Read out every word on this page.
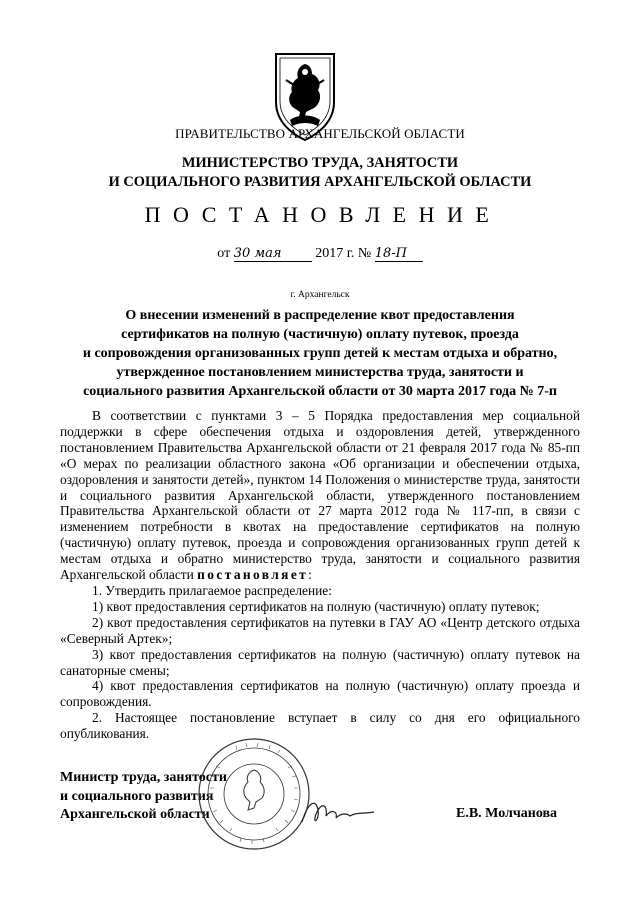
ПРАВИТЕЛЬСТВО АРХАНГЕЛЬСКОЙ ОБЛАСТИ
МИНИСТЕРСТВО ТРУДА, ЗАНЯТОСТИ
И СОЦИАЛЬНОГО РАЗВИТИЯ АРХАНГЕЛЬСКОЙ ОБЛАСТИ
ПОСТАНОВЛЕНИЕ
от 30 мая 2017 г. № 18-П
г. Архангельск
О внесении изменений в распределение квот предоставления
сертификатов на полную (частичную) оплату путевок, проезда
и сопровождения организованных групп детей к местам отдыха и обратно,
утвержденное постановлением министерства труда, занятости и
социального развития Архангельской области от 30 марта 2017 года № 7-п

В соответствии с пунктами 3 – 5 Порядка предоставления мер социальной поддержки в сфере обеспечения отдыха и оздоровления детей, утвержденного постановлением Правительства Архангельской области от 21 февраля 2017 года № 85-пп «О мерах по реализации областного закона «Об организации и обеспечении отдыха, оздоровления и занятости детей», пунктом 14 Положения о министерстве труда, занятости и социального развития Архангельской области, утвержденного постановлением Правительства Архангельской области от 27 марта 2012 года № 117-пп, в связи с изменением потребности в квотах на предоставление сертификатов на полную (частичную) оплату путевок, проезда и сопровождения организованных групп детей к местам отдыха и обратно министерство труда, занятости и социального развития Архангельской области постановляет:

1. Утвердить прилагаемое распределение:

1) квот предоставления сертификатов на полную (частичную) оплату путевок;

2) квот предоставления сертификатов на путевки в ГАУ АО «Центр детского отдыха «Северный Артек»;

3) квот предоставления сертификатов на полную (частичную) оплату путевок на санаторные смены;

4) квот предоставления сертификатов на полную (частичную) оплату проезда и сопровождения.

2. Настоящее постановление вступает в силу со дня его официального опубликования.

Министр труда, занятости
и социального развития
Архангельской области	Е.В. Молчанова
